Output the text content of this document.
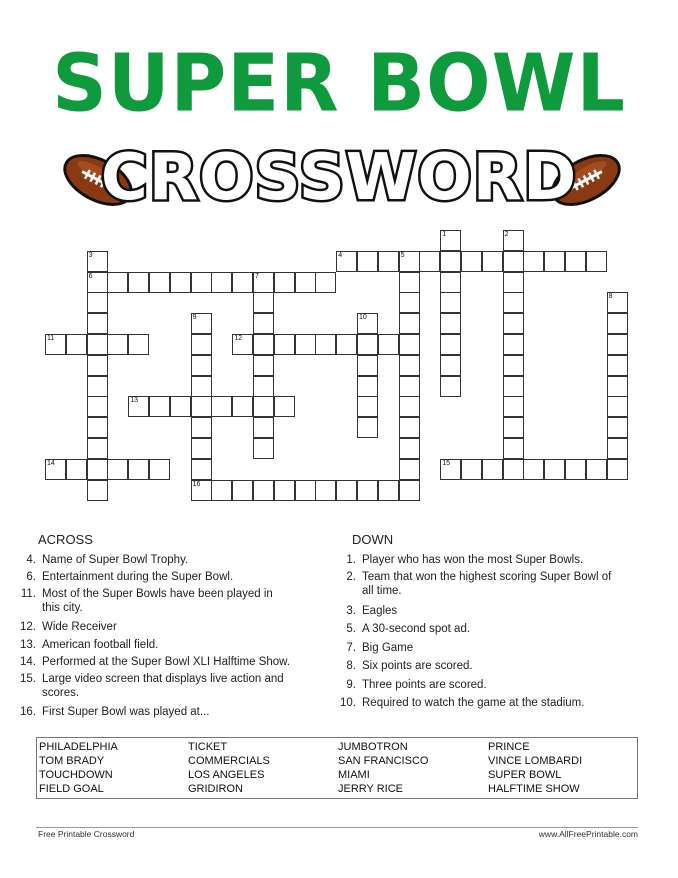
SUPER BOWL
CROSSWORD
1	2
3	4	5
6	7
8
9	10
11	12
13
14	15
16
ACROSS	DOWN
4. Name of Super Bowl Trophy.
6. Entertainment during the Super Bowl.
11. Most of the Super Bowls have been played in
this city.
12. Wide Receiver
13. American football field.
14. Performed at the Super Bowl XLI Halftime Show.
15. Large video screen that displays live action and
scores.
16. First Super Bowl was played at...
1. Player who has won the most Super Bowls.
2. Team that won the highest scoring Super Bowl of
all time.
3. Eagles
5. A 30-second spot ad.
7. Big Game
8. Six points are scored.
9. Three points are scored.
10. Required to watch the game at the stadium.
PHILADELPHIA	TICKET	JUMBOTRON	PRINCE
TOM BRADY	COMMERCIALS	SAN FRANCISCO	VINCE LOMBARDI
TOUCHDOWN	LOS ANGELES	MIAMI	SUPER BOWL
FIELD GOAL	GRIDIRON	JERRY RICE	HALFTIME SHOW
Free Printable Crossword	www.AllFreePrintable.com
